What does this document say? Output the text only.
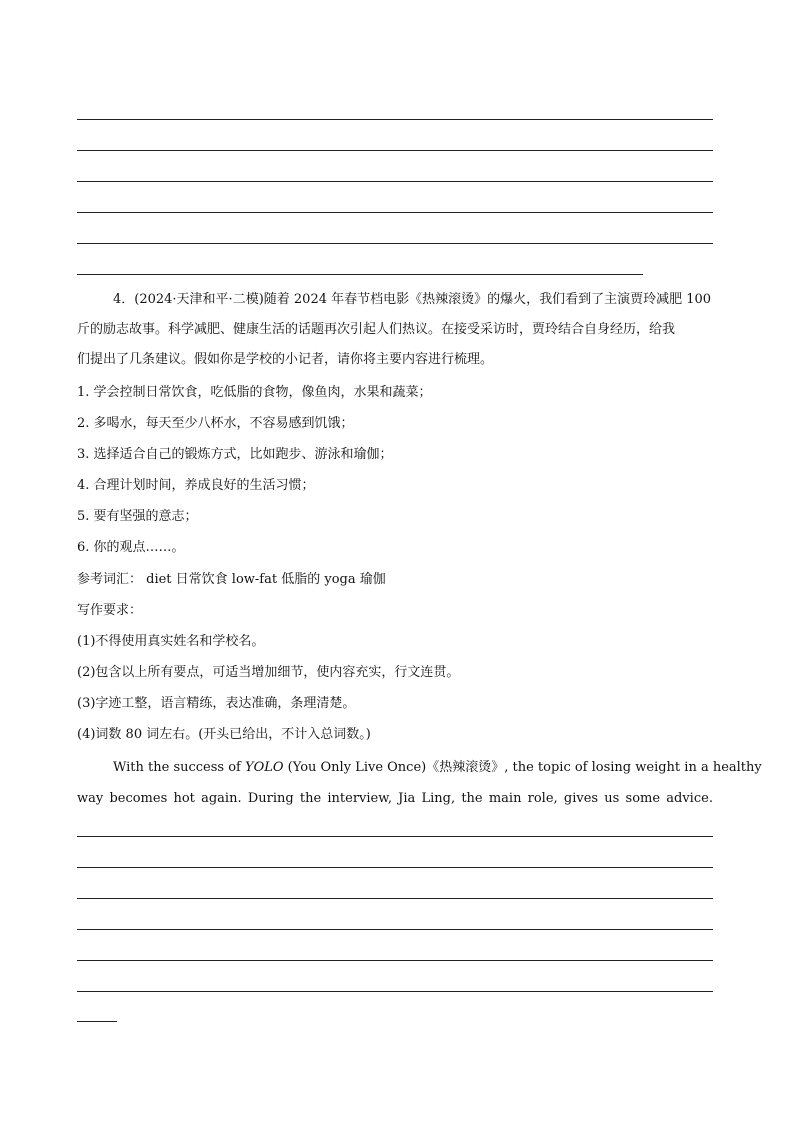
4．(2024·天津和平·二模)随着 2024 年春节档电影《热辣滚烫》的爆火，我们看到了主演贾玲减肥 100
斤的励志故事。科学减肥、健康生活的话题再次引起人们热议。在接受采访时，贾玲结合自身经历，给我
们提出了几条建议。假如你是学校的小记者，请你将主要内容进行梳理。
1. 学会控制日常饮食，吃低脂的食物，像鱼肉，水果和蔬菜；
2. 多喝水，每天至少八杯水，不容易感到饥饿；
3. 选择适合自己的锻炼方式，比如跑步、游泳和瑜伽；
4. 合理计划时间，养成良好的生活习惯；
5. 要有坚强的意志；
6. 你的观点……。
参考词汇： diet 日常饮食 low-fat 低脂的 yoga 瑜伽
写作要求：
(1)不得使用真实姓名和学校名。
(2)包含以上所有要点，可适当增加细节，使内容充实，行文连贯。
(3)字迹工整，语言精练，表达准确，条理清楚。
(4)词数 80 词左右。(开头已给出，不计入总词数。)
With the success of YOLO (You Only Live Once)《热辣滚烫》, the topic of losing weight in a healthy
way becomes hot again. During the interview, Jia Ling, the main role, gives us some advice.
